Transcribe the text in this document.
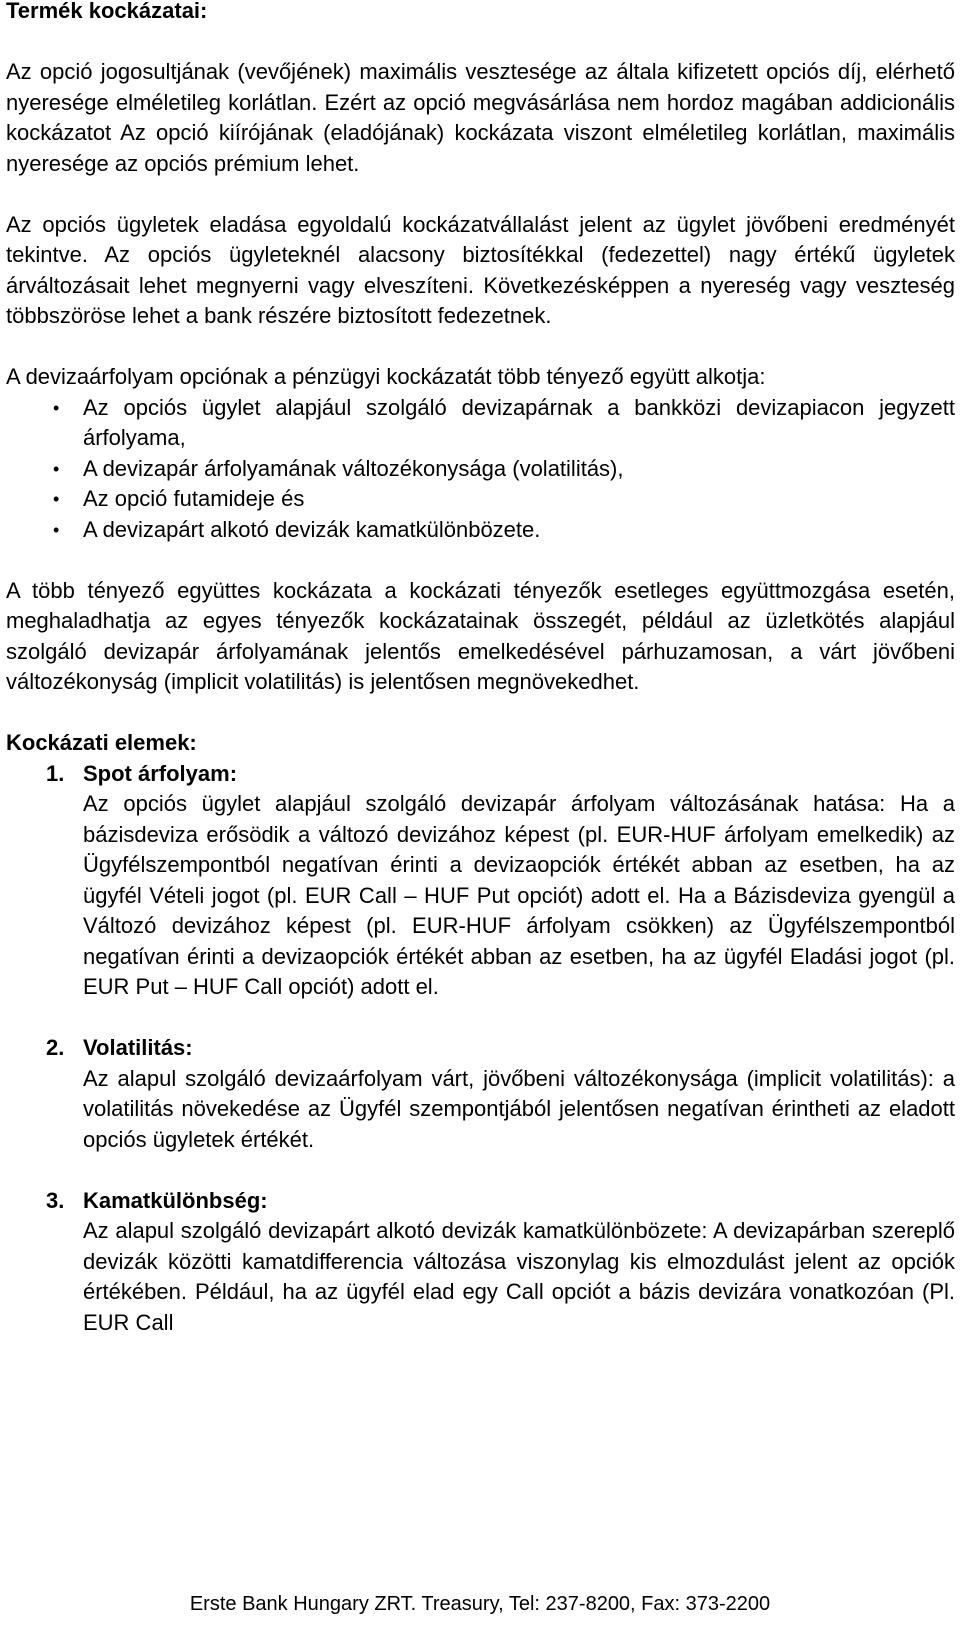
Termék kockázatai:

Az opció jogosultjának (vevőjének) maximális vesztesége az általa kifizetett opciós díj, elérhető nyeresége elméletileg korlátlan. Ezért az opció megvásárlása nem hordoz magában addicionális kockázatot Az opció kiírójának (eladójának) kockázata viszont elméletileg korlátlan, maximális nyeresége az opciós prémium lehet.

Az opciós ügyletek eladása egyoldalú kockázatvállalást jelent az ügylet jövőbeni eredményét tekintve. Az opciós ügyleteknél alacsony biztosítékkal (fedezettel) nagy értékű ügyletek árváltozásait lehet megnyerni vagy elveszíteni. Következésképpen a nyereség vagy veszteség többszöröse lehet a bank részére biztosított fedezetnek.

A devizaárfolyam opciónak a pénzügyi kockázatát több tényező együtt alkotja:

• Az opciós ügylet alapjául szolgáló devizapárnak a bankközi devizapiacon jegyzett árfolyama,
• A devizapár árfolyamának változékonysága (volatilitás),
• Az opció futamideje és
• A devizapárt alkotó devizák kamatkülönbözete.

A több tényező együttes kockázata a kockázati tényezők esetleges együttmozgása esetén, meghaladhatja az egyes tényezők kockázatainak összegét, például az üzletkötés alapjául szolgáló devizapár árfolyamának jelentős emelkedésével párhuzamosan, a várt jövőbeni változékonyság (implicit volatilitás) is jelentősen megnövekedhet.

Kockázati elemek:
1. Spot árfolyam:

Az opciós ügylet alapjául szolgáló devizapár árfolyam változásának hatása: Ha a bázisdeviza erősödik a változó devizához képest (pl. EUR-HUF árfolyam emelkedik) az Ügyfélszempontból negatívan érinti a devizaopciók értékét abban az esetben, ha az ügyfél Vételi jogot (pl. EUR Call – HUF Put opciót) adott el. Ha a Bázisdeviza gyengül a Változó devizához képest (pl. EUR-HUF árfolyam csökken) az Ügyfélszempontból negatívan érinti a devizaopciók értékét abban az esetben, ha az ügyfél Eladási jogot (pl. EUR Put – HUF Call opciót) adott el.

2. Volatilitás:

Az alapul szolgáló devizaárfolyam várt, jövőbeni változékonysága (implicit volatilitás): a volatilitás növekedése az Ügyfél szempontjából jelentősen negatívan érintheti az eladott opciós ügyletek értékét.

3. Kamatkülönbség:

Az alapul szolgáló devizapárt alkotó devizák kamatkülönbözete: A devizapárban szereplő devizák közötti kamatdifferencia változása viszonylag kis elmozdulást jelent az opciók értékében. Például, ha az ügyfél elad egy Call opciót a bázis devizára vonatkozóan (Pl. EUR Call

Erste Bank Hungary ZRT. Treasury, Tel: 237-8200, Fax: 373-2200
